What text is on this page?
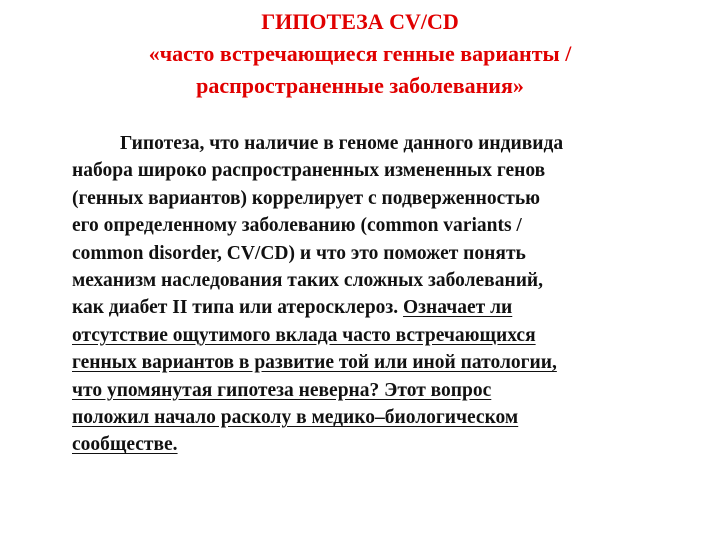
ГИПОТЕЗА CV/CD
«часто встречающиеся генные варианты /
распространенные заболевания»
Гипотеза, что наличие в геноме данного индивида
набора широко распространенных измененных генов
(генных вариантов) коррелирует с подверженностью
его определенному заболеванию (common variants /
common disorder, CV/CD) и что это поможет понять
механизм наследования таких сложных заболеваний,
как диабет II типа или атеросклероз. Означает ли
отсутствие ощутимого вклада часто встречающихся
генных вариантов в развитие той или иной патологии,
что упомянутая гипотеза неверна? Этот вопрос
положил начало расколу в медико–биологическом
сообществе.
